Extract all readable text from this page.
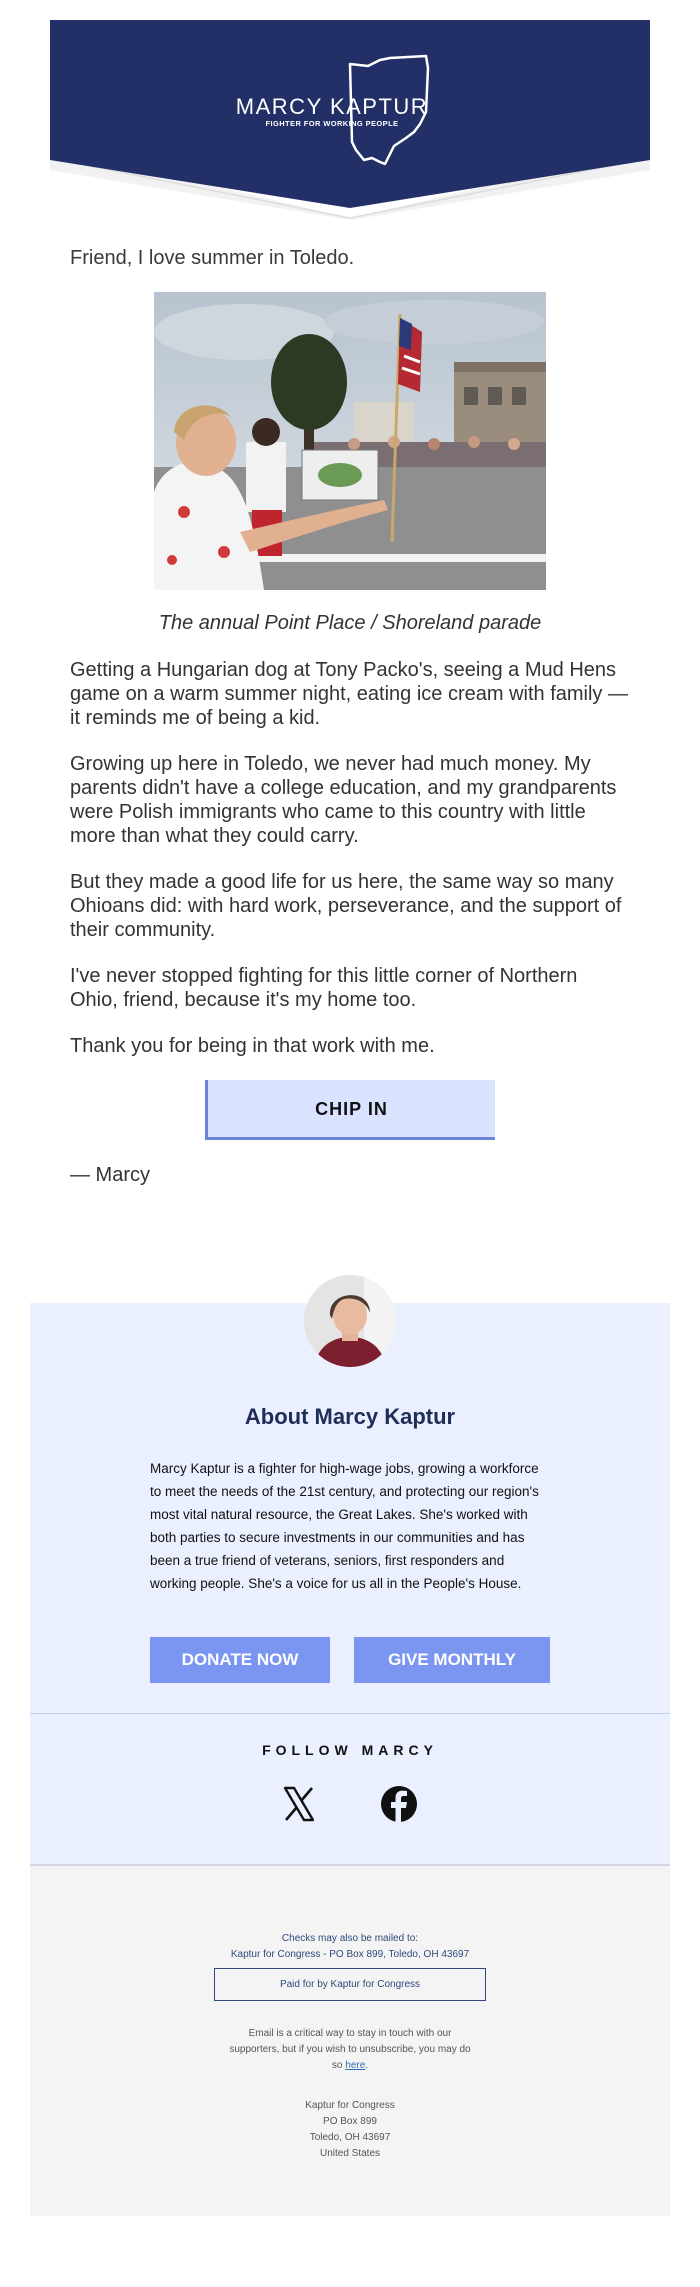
MARCY KAPTUR
FIGHTER FOR WORKING PEOPLE

Friend, I love summer in Toledo.

The annual Point Place / Shoreland parade

Getting a Hungarian dog at Tony Packo's, seeing a Mud Hens game on a warm summer night, eating ice cream with family — it reminds me of being a kid.

Growing up here in Toledo, we never had much money. My parents didn't have a college education, and my grandparents were Polish immigrants who came to this country with little more than what they could carry.

But they made a good life for us here, the same way so many Ohioans did: with hard work, perseverance, and the support of their community.

I've never stopped fighting for this little corner of Northern Ohio, friend, because it's my home too.

Thank you for being in that work with me.

CHIP IN

— Marcy

About Marcy Kaptur
Marcy Kaptur is a fighter for high-wage jobs, growing a workforce to meet the needs of the 21st century, and protecting our region's most vital natural resource, the Great Lakes. She's worked with both parties to secure investments in our communities and has been a true friend of veterans, seniors, first responders and working people. She's a voice for us all in the People's House.
DONATE NOW	GIVE MONTHLY
FOLLOW MARCY
Checks may also be mailed to:
Kaptur for Congress - PO Box 899, Toledo, OH 43697
Paid for by Kaptur for Congress
Email is a critical way to stay in touch with our
supporters, but if you wish to unsubscribe, you may do
so here.
Kaptur for Congress
PO Box 899
Toledo, OH 43697
United States
